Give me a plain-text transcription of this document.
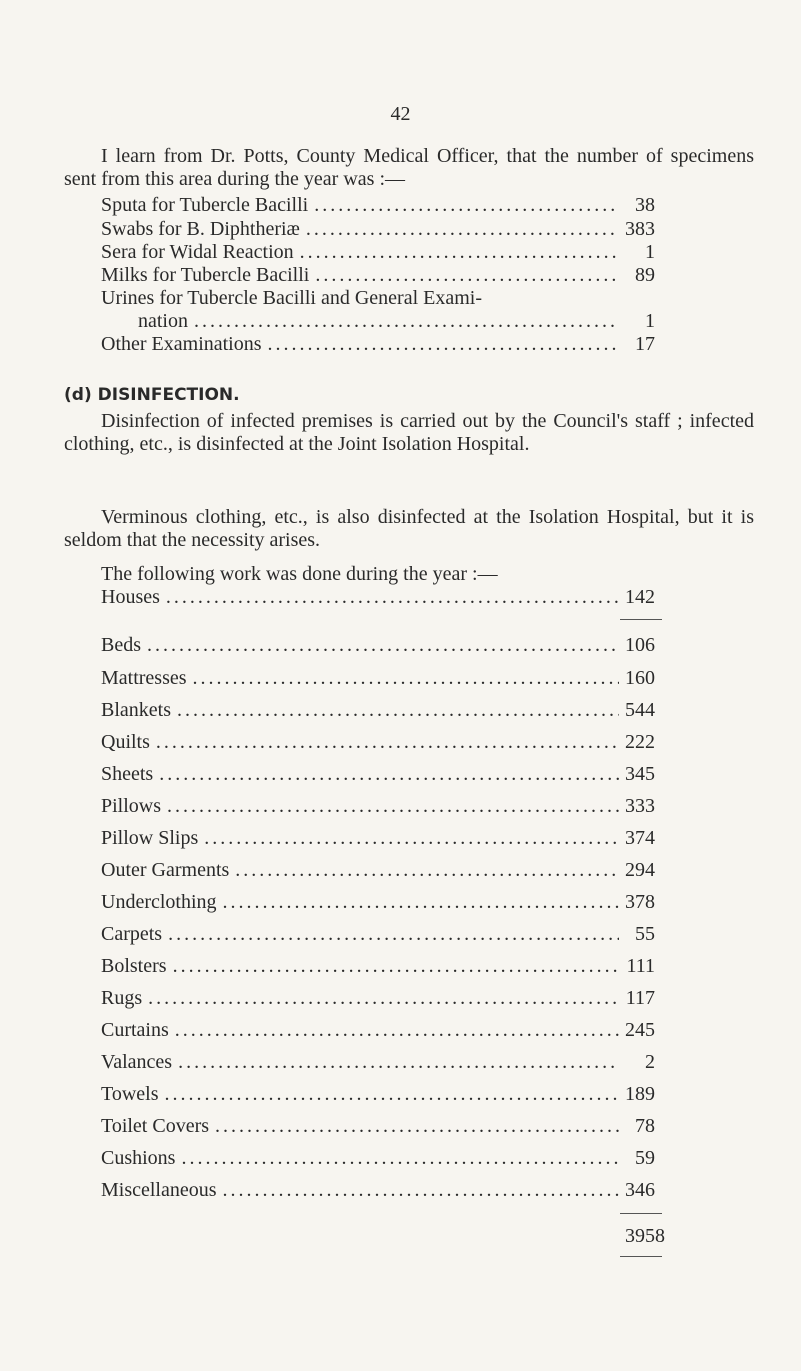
42
I learn from Dr. Potts, County Medical Officer, that the number of specimens sent from this area during the year was :—
Sputa for Tubercle Bacilli .....	38
Swabs for B. Diphtheriæ .....	383
Sera for Widal Reaction .....	1
Milks for Tubercle Bacilli .....	89
Urines for Tubercle Bacilli and General Exami-
nation .....	1
Other Examinations .....	17
(d) DISINFECTION.
Disinfection of infected premises is carried out by the Council's staff ; infected clothing, etc., is disinfected at the Joint Isolation Hospital.
Verminous clothing, etc., is also disinfected at the Isolation Hospital, but it is seldom that the necessity arises.
The following work was done during the year :—
Houses .....	142
Beds .....	106
Mattresses .....	160
Blankets .....	544
Quilts .....	222
Sheets .....	345
Pillows .....	333
Pillow Slips .....	374
Outer Garments .....	294
Underclothing .....	378
Carpets .....	55
Bolsters .....	111
Rugs .....	117
Curtains .....	245
Valances .....	2
Towels .....	189
Toilet Covers .....	78
Cushions .....	59
Miscellaneous .....	346
3958
